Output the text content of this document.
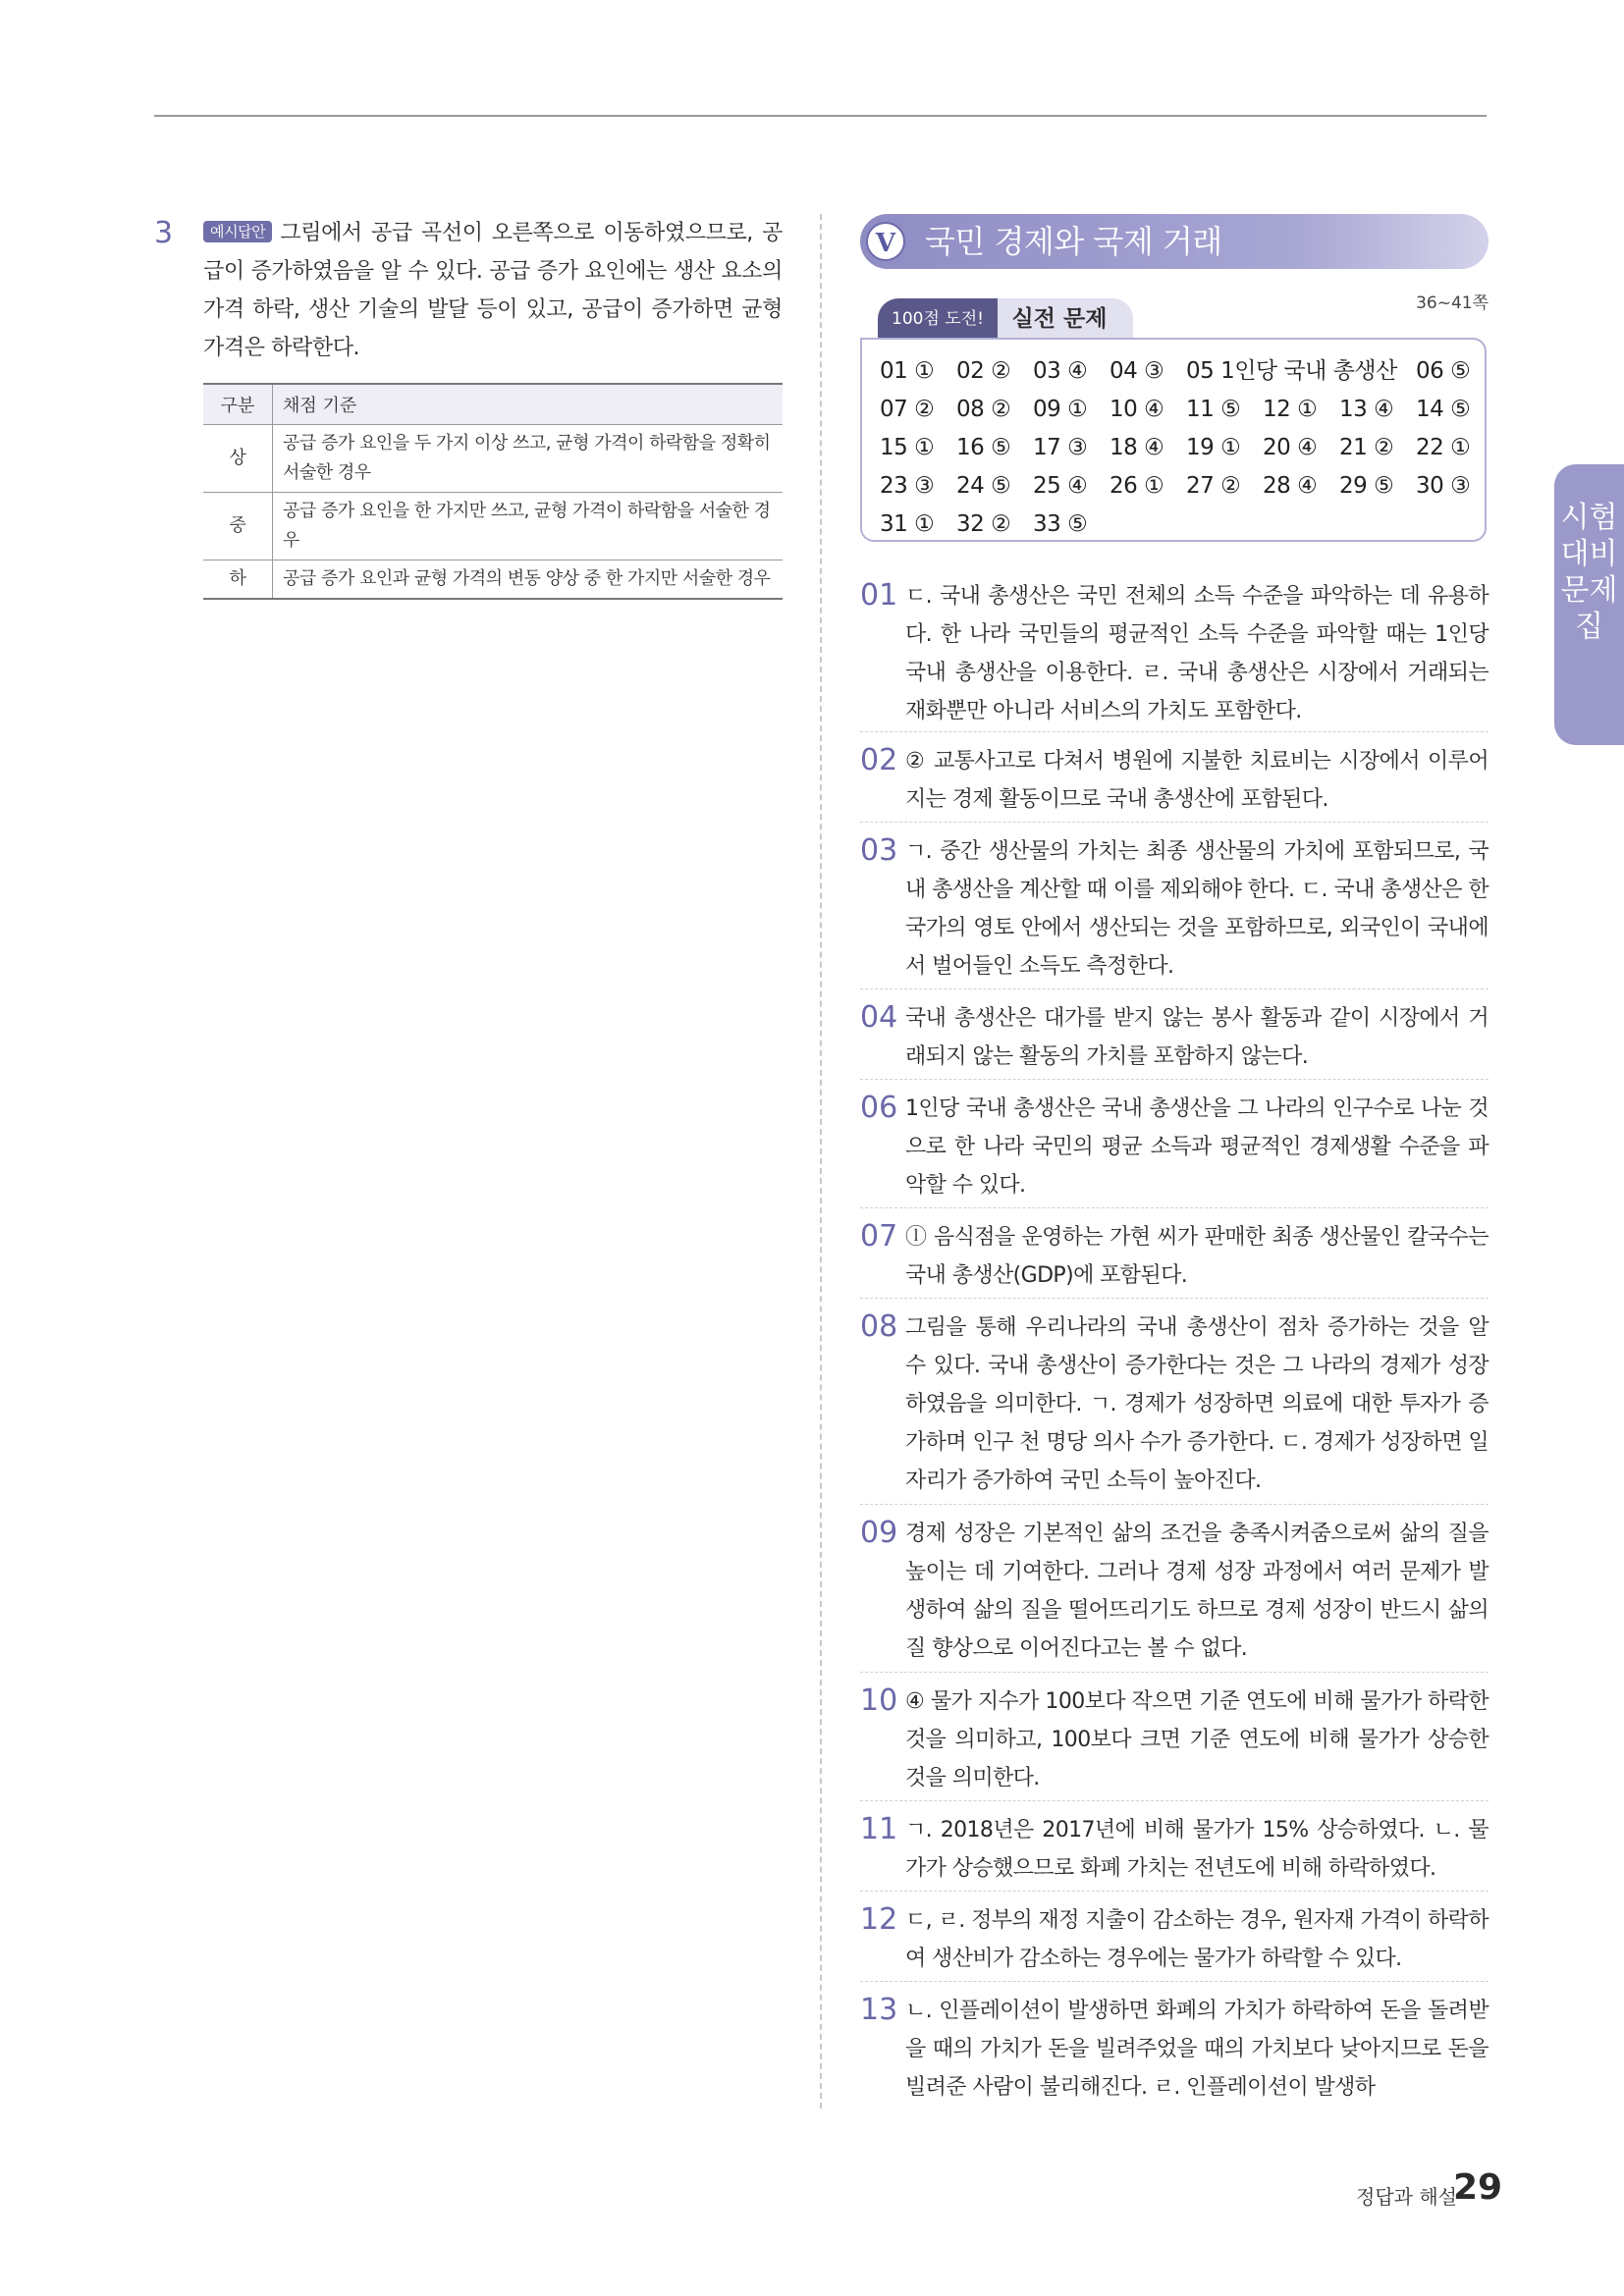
3	예시답안 그림에서 공급 곡선이 오른쪽으로 이동하였으므로, 공급이 증가하였음을 알 수 있다. 공급 증가 요인에는 생산 요소의 가격 하락, 생산 기술의 발달 등이 있고, 공급이 증가하면 균형 가격은 하락한다.
구분	채점 기준
상	공급 증가 요인을 두 가지 이상 쓰고, 균형 가격이 하락함을 정확히 서술한 경우
중	공급 증가 요인을 한 가지만 쓰고, 균형 가격이 하락함을 서술한 경우
하	공급 증가 요인과 균형 가격의 변동 양상 중 한 가지만 서술한 경우
V 국민 경제와 국제 거래
36~41쪽
실전 문제
100점 도전!
01 ① 02 ② 03 ④ 04 ③ 05 1인당 국내 총생산 06 ⑤
07 ② 08 ② 09 ① 10 ④ 11 ⑤ 12 ① 13 ④ 14 ⑤
15 ① 16 ⑤ 17 ③ 18 ④ 19 ① 20 ④ 21 ② 22 ①
23 ③ 24 ⑤ 25 ④ 26 ① 27 ② 28 ④ 29 ⑤ 30 ③
31 ① 32 ② 33 ⑤
01 ㄷ. 국내 총생산은 국민 전체의 소득 수준을 파악하는 데 유용하다. 한 나라 국민들의 평균적인 소득 수준을 파악할 때는 1인당 국내 총생산을 이용한다. ㄹ. 국내 총생산은 시장에서 거래되는 재화뿐만 아니라 서비스의 가치도 포함한다.
02 ② 교통사고로 다쳐서 병원에 지불한 치료비는 시장에서 이루어지는 경제 활동이므로 국내 총생산에 포함된다.
03 ㄱ. 중간 생산물의 가치는 최종 생산물의 가치에 포함되므로, 국내 총생산을 계산할 때 이를 제외해야 한다. ㄷ. 국내 총생산은 한 국가의 영토 안에서 생산되는 것을 포함하므로, 외국인이 국내에서 벌어들인 소득도 측정한다.
04 국내 총생산은 대가를 받지 않는 봉사 활동과 같이 시장에서 거래되지 않는 활동의 가치를 포함하지 않는다.
06 1인당 국내 총생산은 국내 총생산을 그 나라의 인구수로 나눈 것으로 한 나라 국민의 평균 소득과 평균적인 경제생활 수준을 파악할 수 있다.
07 ⓛ 음식점을 운영하는 가현 씨가 판매한 최종 생산물인 칼국수는 국내 총생산(GDP)에 포함된다.
08 그림을 통해 우리나라의 국내 총생산이 점차 증가하는 것을 알 수 있다. 국내 총생산이 증가한다는 것은 그 나라의 경제가 성장하였음을 의미한다. ㄱ. 경제가 성장하면 의료에 대한 투자가 증가하며 인구 천 명당 의사 수가 증가한다. ㄷ. 경제가 성장하면 일자리가 증가하여 국민 소득이 높아진다.
09 경제 성장은 기본적인 삶의 조건을 충족시켜줌으로써 삶의 질을 높이는 데 기여한다. 그러나 경제 성장 과정에서 여러 문제가 발생하여 삶의 질을 떨어뜨리기도 하므로 경제 성장이 반드시 삶의 질 향상으로 이어진다고는 볼 수 없다.
10 ④ 물가 지수가 100보다 작으면 기준 연도에 비해 물가가 하락한 것을 의미하고, 100보다 크면 기준 연도에 비해 물가가 상승한 것을 의미한다.
11 ㄱ. 2018년은 2017년에 비해 물가가 15% 상승하였다. ㄴ. 물가가 상승했으므로 화폐 가치는 전년도에 비해 하락하였다.
12 ㄷ, ㄹ. 정부의 재정 지출이 감소하는 경우, 원자재 가격이 하락하여 생산비가 감소하는 경우에는 물가가 하락할 수 있다.
13 ㄴ. 인플레이션이 발생하면 화폐의 가치가 하락하여 돈을 돌려받을 때의 가치가 돈을 빌려주었을 때의 가치보다 낮아지므로 돈을 빌려준 사람이 불리해진다. ㄹ. 인플레이션이 발생하
시험대비문제집
정답과 해설
29
